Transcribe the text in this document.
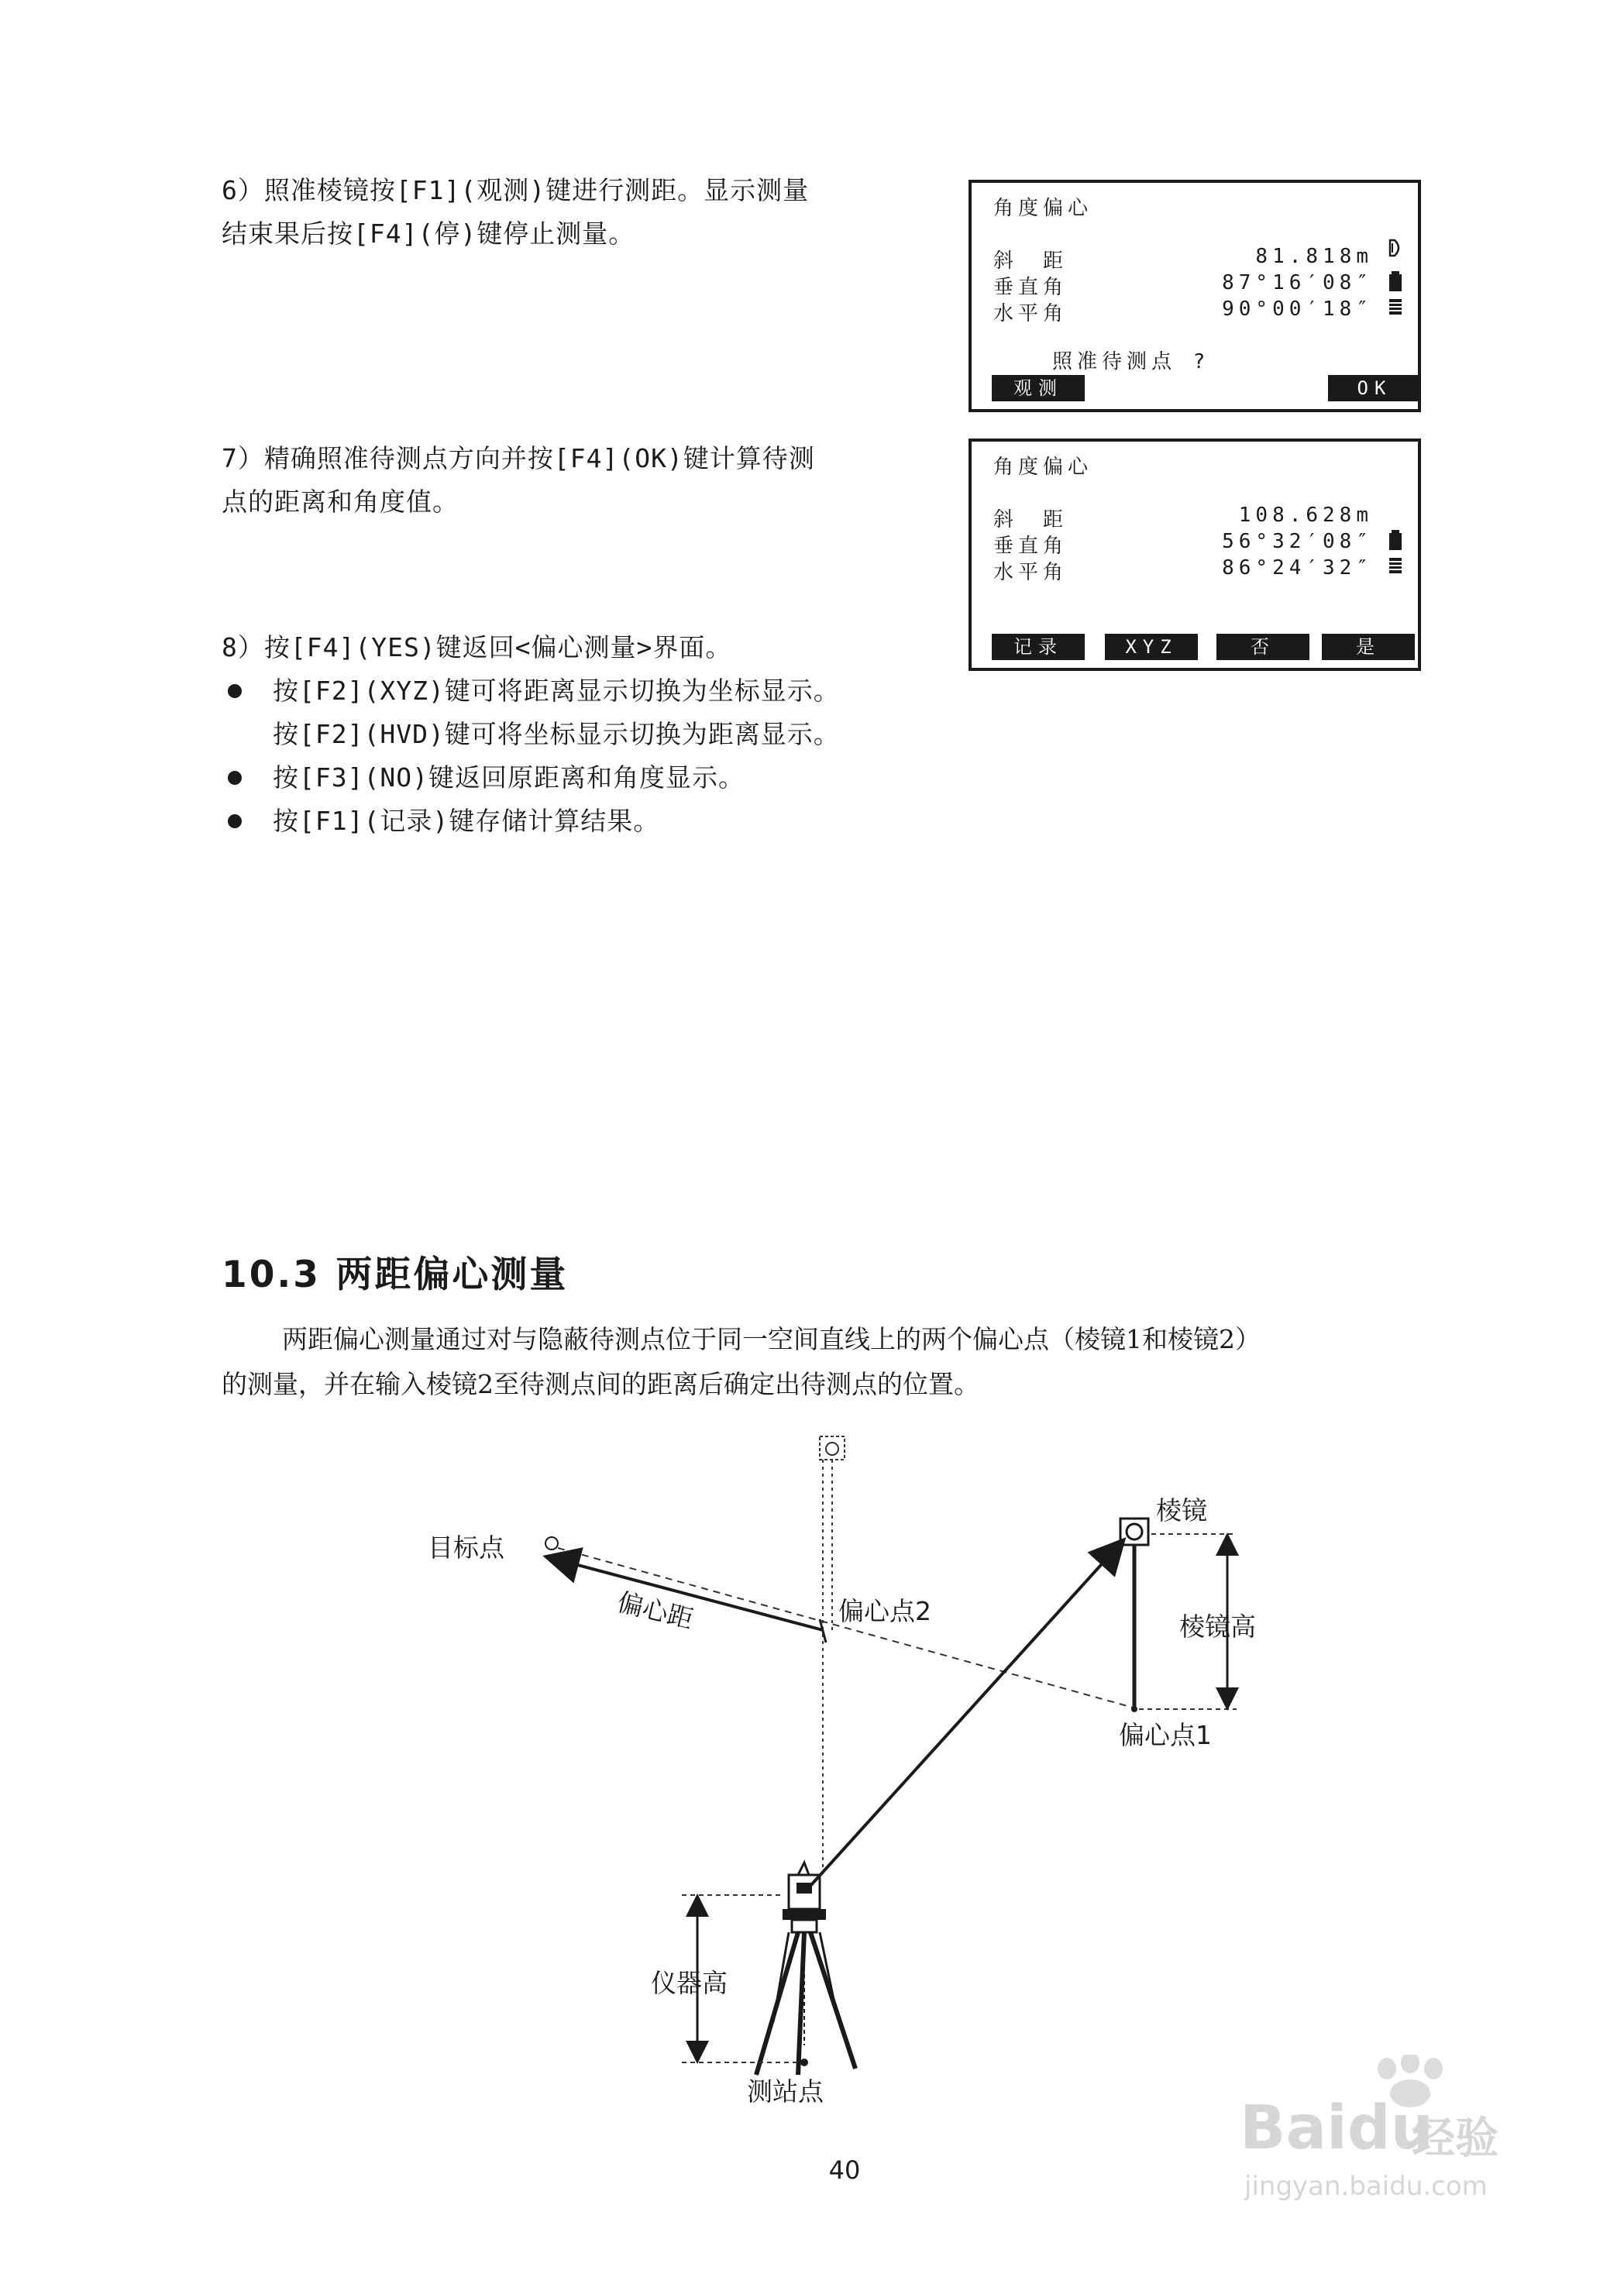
6）照准棱镜按[F1](观测)键进行测距。显示测量

结束果后按[F4](停)键停止测量。

角度偏心
斜　距	81.818m
垂直角	87°16′08″
水平角	90°00′18″
照准待测点 ?
观测	OK

7）精确照准待测点方向并按[F4](OK)键计算待测

点的距离和角度值。

角度偏心
斜　距	108.628m
垂直角	56°32′08″
水平角	86°24′32″
记录	XYZ	否	是

8）按[F4](YES)键返回<偏心测量>界面。

按[F2](XYZ)键可将距离显示切换为坐标显示。

按[F2](HVD)键可将坐标显示切换为距离显示。

按[F3](NO)键返回原距离和角度显示。

按[F1](记录)键存储计算结果。

10.3 两距偏心测量

两距偏心测量通过对与隐蔽待测点位于同一空间直线上的两个偏心点（棱镜1和棱镜2）

的测量，并在输入棱镜2至待测点间的距离后确定出待测点的位置。

目标点
偏心距	偏心点2
棱镜
棱镜高
偏心点1
仪器高
测站点
40
Baidu
经验
jingyan.baidu.com
